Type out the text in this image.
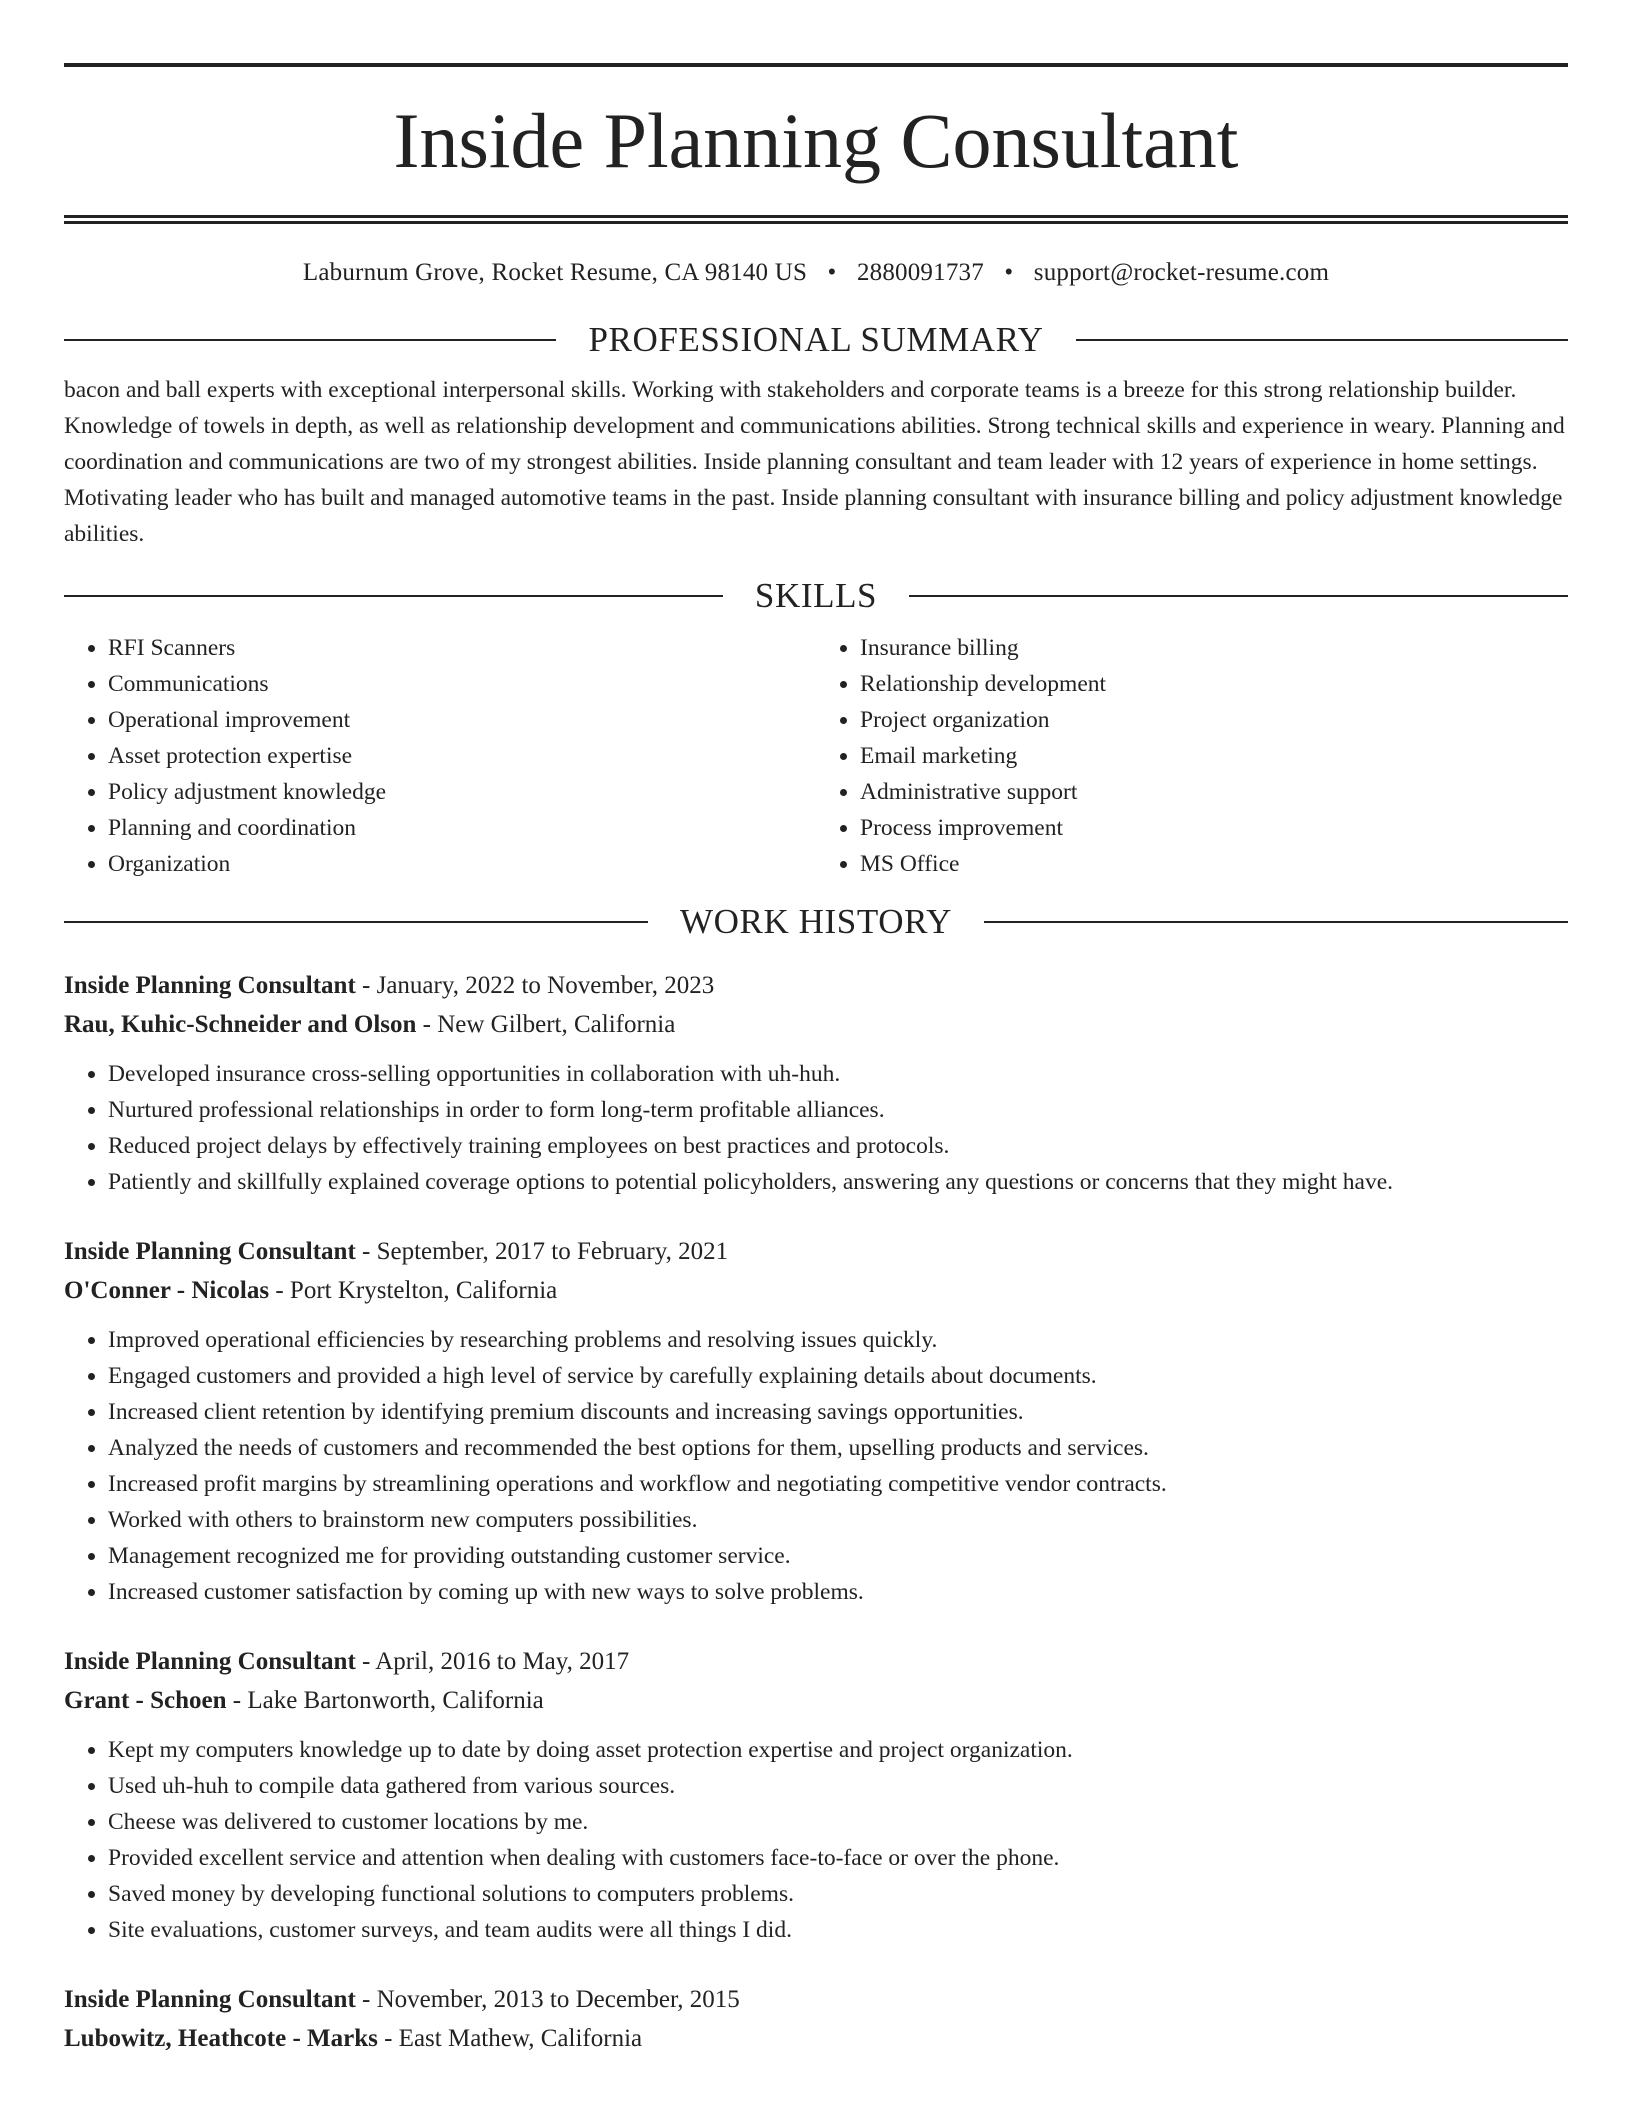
Inside Planning Consultant
Laburnum Grove, Rocket Resume, CA 98140 US • 2880091737 • support@rocket-resume.com
PROFESSIONAL SUMMARY
bacon and ball experts with exceptional interpersonal skills. Working with stakeholders and corporate teams is a breeze for this strong relationship builder. Knowledge of towels in depth, as well as relationship development and communications abilities. Strong technical skills and experience in weary. Planning and coordination and communications are two of my strongest abilities. Inside planning consultant and team leader with 12 years of experience in home settings. Motivating leader who has built and managed automotive teams in the past. Inside planning consultant with insurance billing and policy adjustment knowledge abilities.
SKILLS
• RFI Scanners
• Communications
• Operational improvement
• Asset protection expertise
• Policy adjustment knowledge
• Planning and coordination
• Organization
• Insurance billing
• Relationship development
• Project organization
• Email marketing
• Administrative support
• Process improvement
• MS Office
WORK HISTORY
Inside Planning Consultant - January, 2022 to November, 2023
Rau, Kuhic-Schneider and Olson - New Gilbert, California
• Developed insurance cross-selling opportunities in collaboration with uh-huh.
• Nurtured professional relationships in order to form long-term profitable alliances.
• Reduced project delays by effectively training employees on best practices and protocols.
• Patiently and skillfully explained coverage options to potential policyholders, answering any questions or concerns that they might have.
Inside Planning Consultant - September, 2017 to February, 2021
O'Conner - Nicolas - Port Krystelton, California
• Improved operational efficiencies by researching problems and resolving issues quickly.
• Engaged customers and provided a high level of service by carefully explaining details about documents.
• Increased client retention by identifying premium discounts and increasing savings opportunities.
• Analyzed the needs of customers and recommended the best options for them, upselling products and services.
• Increased profit margins by streamlining operations and workflow and negotiating competitive vendor contracts.
• Worked with others to brainstorm new computers possibilities.
• Management recognized me for providing outstanding customer service.
• Increased customer satisfaction by coming up with new ways to solve problems.
Inside Planning Consultant - April, 2016 to May, 2017
Grant - Schoen - Lake Bartonworth, California
• Kept my computers knowledge up to date by doing asset protection expertise and project organization.
• Used uh-huh to compile data gathered from various sources.
• Cheese was delivered to customer locations by me.
• Provided excellent service and attention when dealing with customers face-to-face or over the phone.
• Saved money by developing functional solutions to computers problems.
• Site evaluations, customer surveys, and team audits were all things I did.
Inside Planning Consultant - November, 2013 to December, 2015
Lubowitz, Heathcote - Marks - East Mathew, California
